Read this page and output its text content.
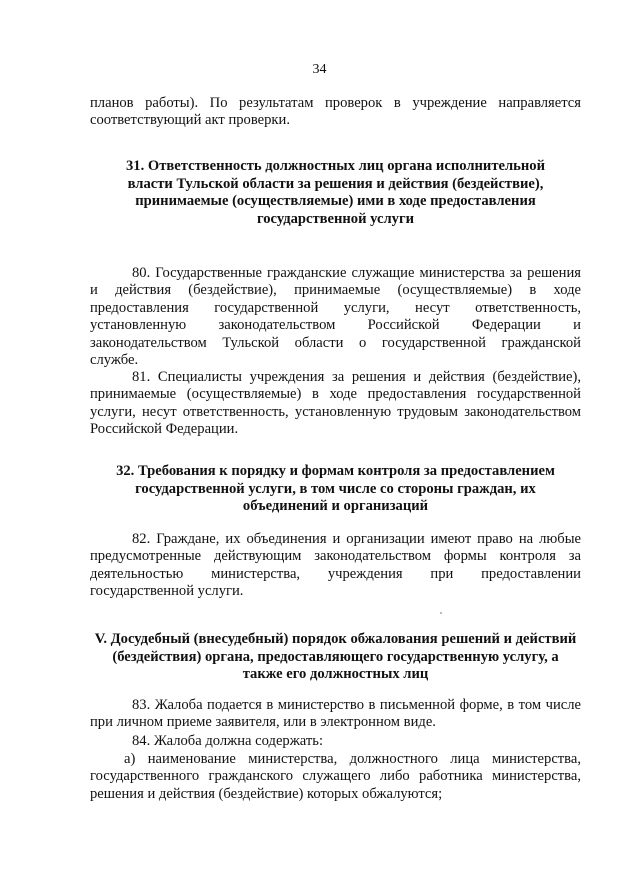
34
планов работы). По результатам проверок в учреждение направляется
соответствующий акт проверки.
31. Ответственность должностных лиц органа исполнительной
власти Тульской области за решения и действия (бездействие),
принимаемые (осуществляемые) ими в ходе предоставления
государственной услуги
80. Государственные гражданские служащие министерства за решения
и действия (бездействие), принимаемые (осуществляемые) в ходе
предоставления государственной услуги, несут ответственность,
установленную законодательством Российской Федерации и
законодательством Тульской области о государственной гражданской
службе.
81. Специалисты учреждения за решения и действия (бездействие),
принимаемые (осуществляемые) в ходе предоставления государственной
услуги, несут ответственность, установленную трудовым законодательством
Российской Федерации.
32. Требования к порядку и формам контроля за предоставлением
государственной услуги, в том числе со стороны граждан, их
объединений и организаций
82. Граждане, их объединения и организации имеют право на любые
предусмотренные действующим законодательством формы контроля за
деятельностью министерства, учреждения при предоставлении
государственной услуги.
V. Досудебный (внесудебный) порядок обжалования решений и действий
(бездействия) органа, предоставляющего государственную услугу, а
также его должностных лиц
83. Жалоба подается в министерство в письменной форме, в том числе
при личном приеме заявителя, или в электронном виде.
84. Жалоба должна содержать:
а) наименование министерства, должностного лица министерства,
государственного гражданского служащего либо работника министерства,
решения и действия (бездействие) которых обжалуются;
